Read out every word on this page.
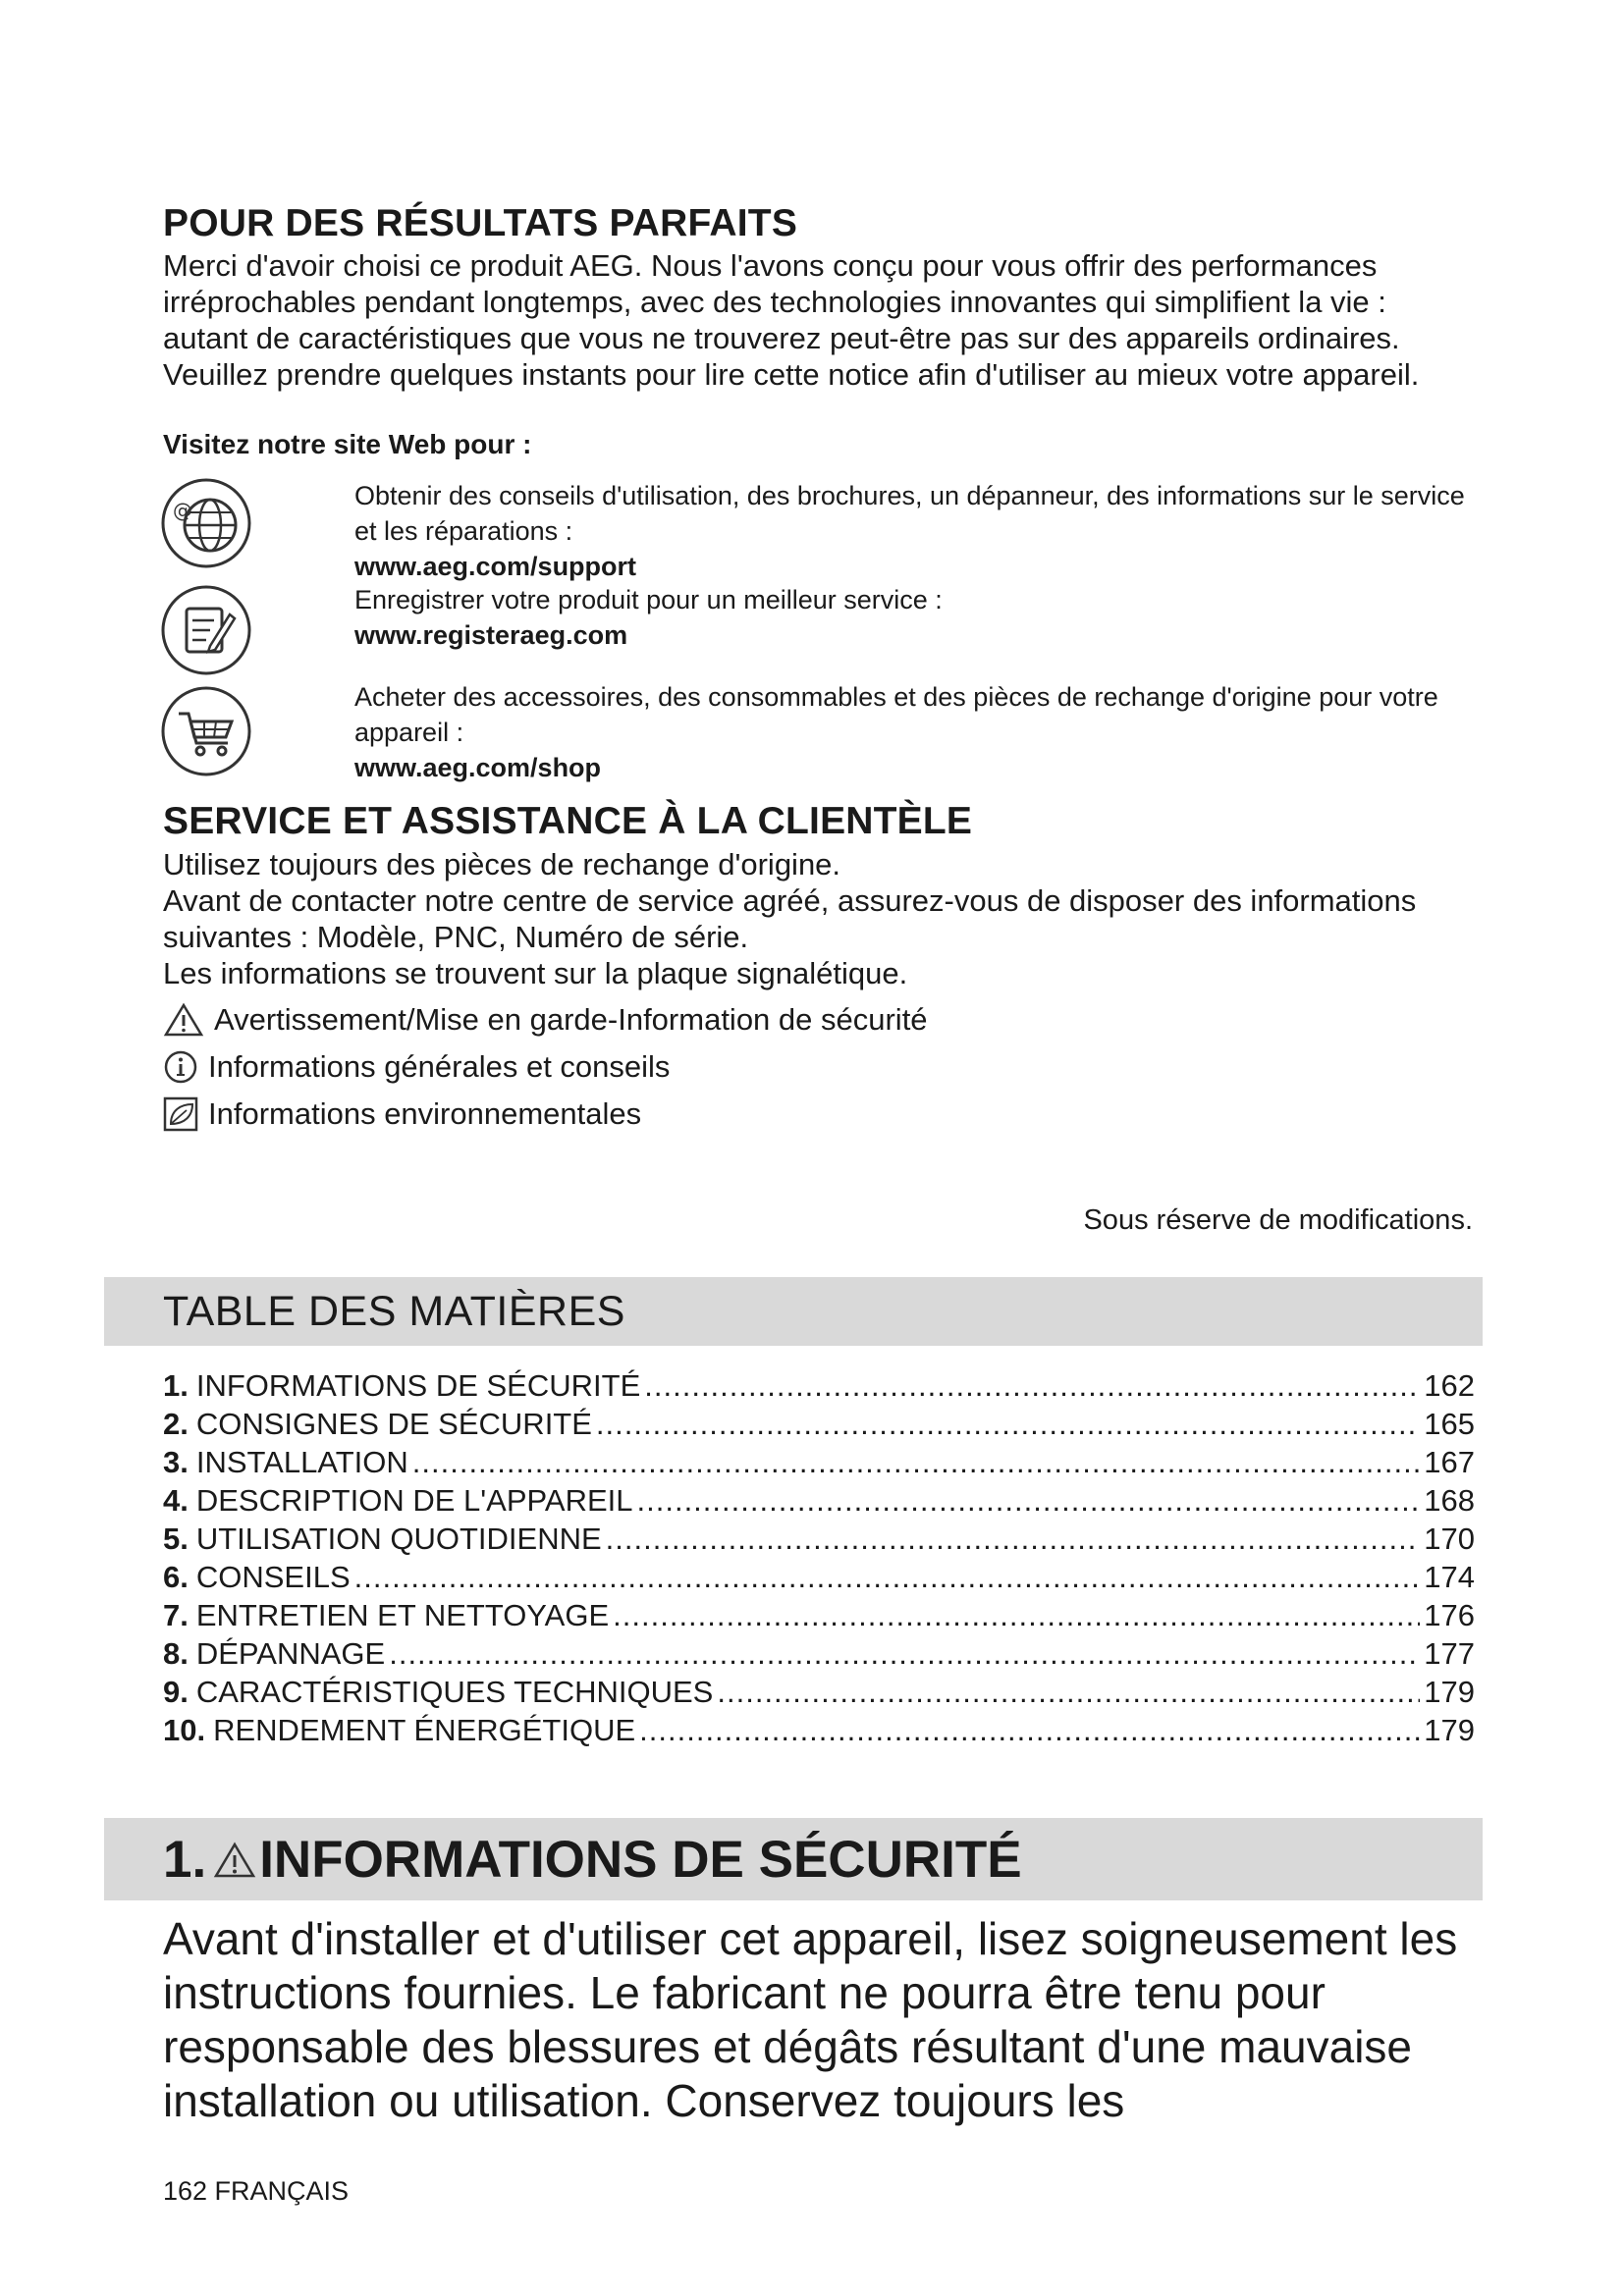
POUR DES RÉSULTATS PARFAITS

Merci d'avoir choisi ce produit AEG. Nous l'avons conçu pour vous offrir des performances irréprochables pendant longtemps, avec des technologies innovantes qui simplifient la vie : autant de caractéristiques que vous ne trouverez peut-être pas sur des appareils ordinaires. Veuillez prendre quelques instants pour lire cette notice afin d'utiliser au mieux votre appareil.

Visitez notre site Web pour :

@	Obtenir des conseils d'utilisation, des brochures, un dépanneur, des informations sur le service et les réparations :
www.aeg.com/support
Enregistrer votre produit pour un meilleur service :
www.registeraeg.com
Acheter des accessoires, des consommables et des pièces de rechange d'origine pour votre appareil :
www.aeg.com/shop
SERVICE ET ASSISTANCE À LA CLIENTÈLE
Utilisez toujours des pièces de rechange d'origine.
Avant de contacter notre centre de service agréé, assurez-vous de disposer des informations suivantes : Modèle, PNC, Numéro de série.
Les informations se trouvent sur la plaque signalétique.
Avertissement/Mise en garde-Information de sécurité
Informations générales et conseils
Informations environnementales
Sous réserve de modifications.
TABLE DES MATIÈRES
1. INFORMATIONS DE SÉCURITÉ .....	162
2. CONSIGNES DE SÉCURITÉ .....	165
3. INSTALLATION .....	167
4. DESCRIPTION DE L'APPAREIL .....	168
5. UTILISATION QUOTIDIENNE .....	170
6. CONSEILS .....	174
7. ENTRETIEN ET NETTOYAGE .....	176
8. DÉPANNAGE .....	177
9. CARACTÉRISTIQUES TECHNIQUES .....	179
10. RENDEMENT ÉNERGÉTIQUE .....	179
1. INFORMATIONS DE SÉCURITÉ

Avant d'installer et d'utiliser cet appareil, lisez soigneusement les instructions fournies. Le fabricant ne pourra être tenu pour responsable des blessures et dégâts résultant d'une mauvaise installation ou utilisation. Conservez toujours les

162 FRANÇAIS
